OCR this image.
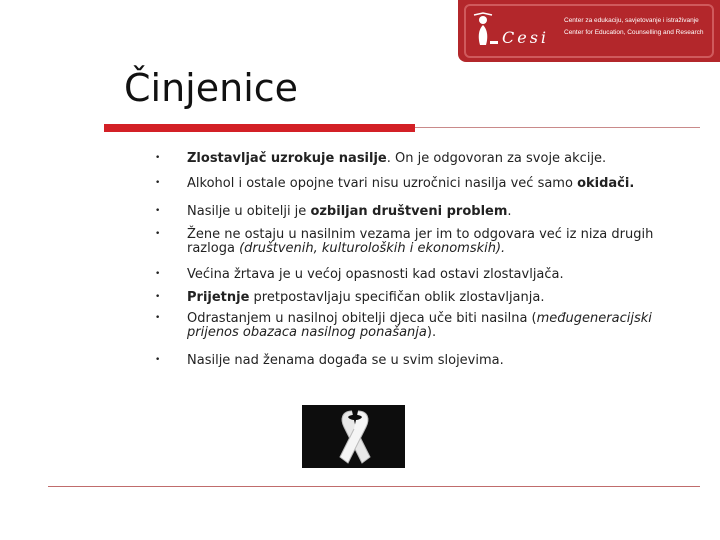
Cesi
Center za edukaciju, savjetovanje i istraživanje
Center for Education, Counselling and Research
Činjenice
• Zlostavljač uzrokuje nasilje. On je odgovoran za svoje akcije.
• Alkohol i ostale opojne tvari nisu uzročnici nasilja već samo okidači.
• Nasilje u obitelji je ozbiljan društveni problem.
• Žene ne ostaju u nasilnim vezama jer im to odgovara već iz niza drugih razloga (društvenih, kulturoloških i ekonomskih).
• Većina žrtava je u većoj opasnosti kad ostavi zlostavljača.
• Prijetnje pretpostavljaju specifičan oblik zlostavljanja.
• Odrastanjem u nasilnoj obitelji djeca uče biti nasilna (međugeneracijski prijenos obazaca nasilnog ponašanja).
• Nasilje nad ženama događa se u svim slojevima.
